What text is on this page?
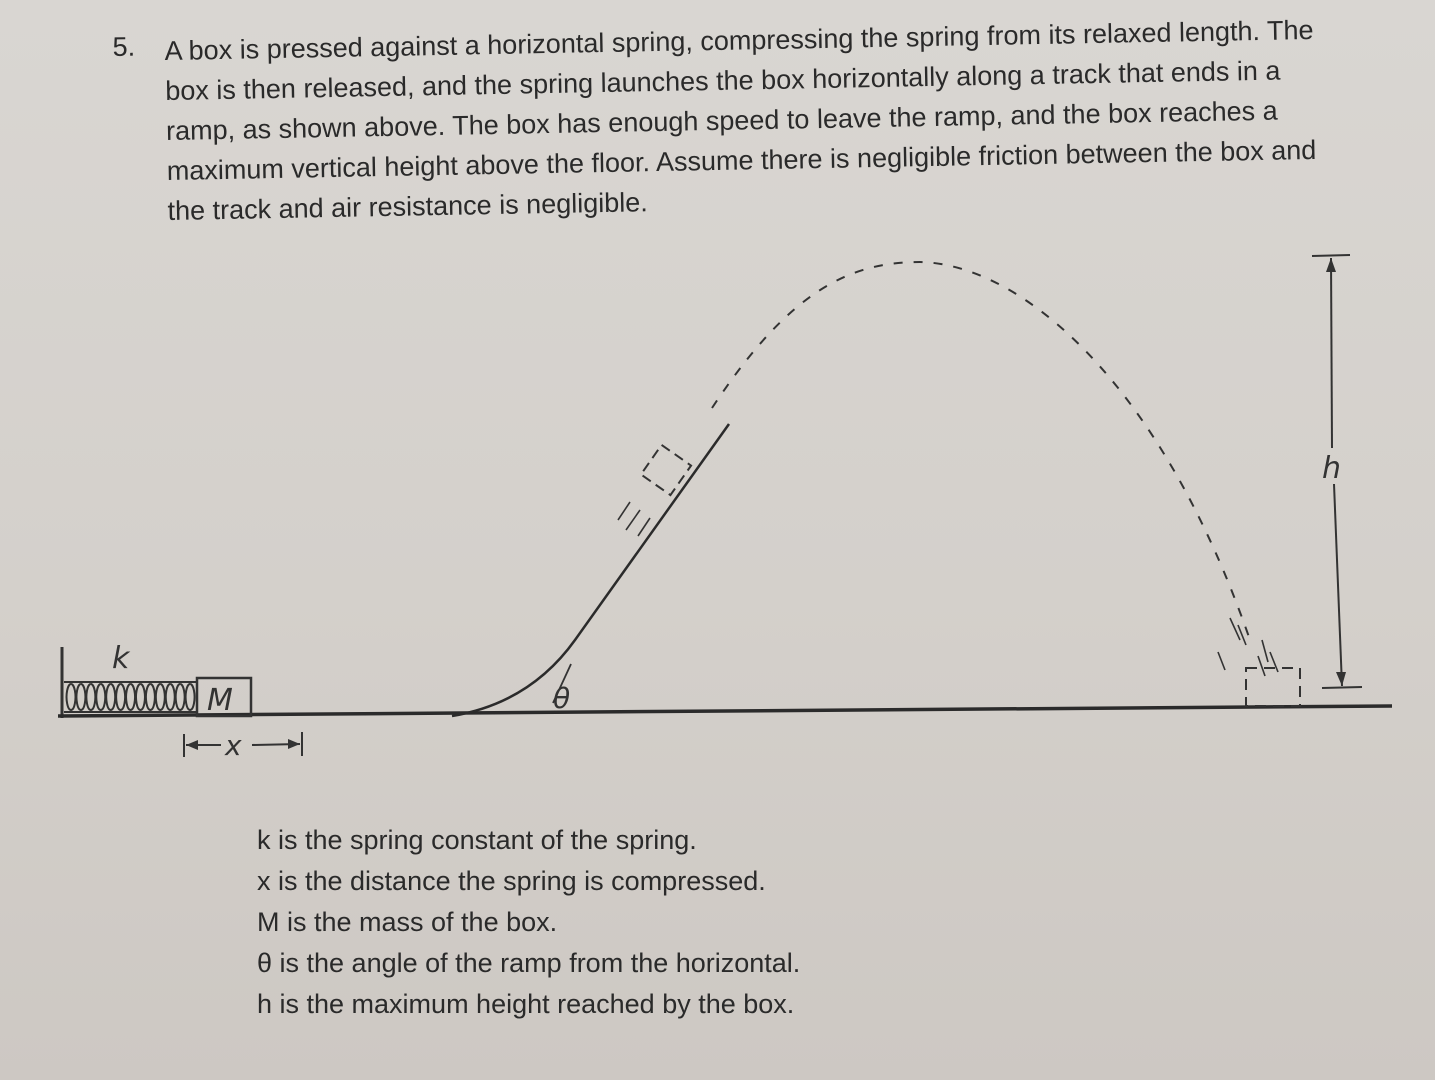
5. A box is pressed against a horizontal spring, compressing the spring from its relaxed length. The box is then released, and the spring launches the box horizontally along a track that ends in a ramp, as shown above. The box has enough speed to leave the ramp, and the box reaches a maximum vertical height above the floor. Assume there is negligible friction between the box and the track and air resistance is negligible.

M
k
x
θ
h
k is the spring constant of the spring.
x is the distance the spring is compressed.
M is the mass of the box.
θ is the angle of the ramp from the horizontal.
h is the maximum height reached by the box.
